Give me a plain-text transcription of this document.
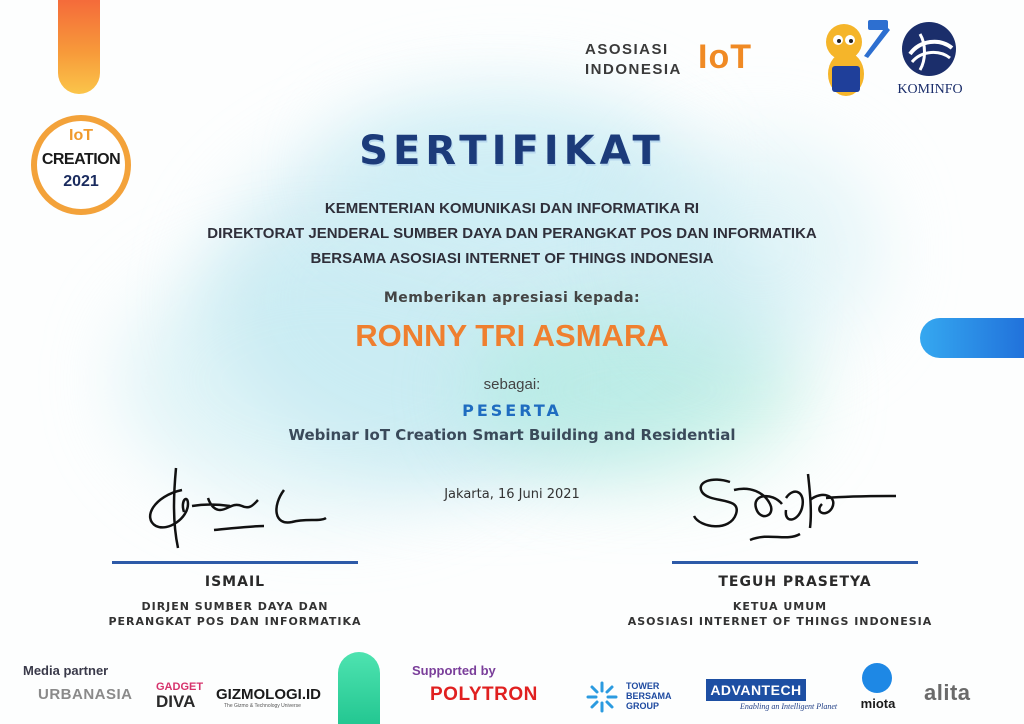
IoT
CREATION
2021
ASOSIASI INDONESIA IoT
KOMINFO
SERTIFIKAT
KEMENTERIAN KOMUNIKASI DAN INFORMATIKA RI
DIREKTORAT JENDERAL SUMBER DAYA DAN PERANGKAT POS DAN INFORMATIKA
BERSAMA ASOSIASI INTERNET OF THINGS INDONESIA
Memberikan apresiasi kepada:
RONNY TRI ASMARA
sebagai:
PESERTA
Webinar IoT Creation Smart Building and Residential
Jakarta, 16 Juni 2021
ISMAIL
DIRJEN SUMBER DAYA DAN
PERANGKAT POS DAN INFORMATIKA
TEGUH PRASETYA
KETUA UMUM
ASOSIASI INTERNET OF THINGS INDONESIA
Media partner	Supported by
URBANASIA GADGET
DIVA GIZMOLOGI.ID
The Gizmo & Technology Universe
POLYTRON	TOWER BERSAMA GROUP
ADVANTECH
Enabling an Intelligent Planet	miota alita
